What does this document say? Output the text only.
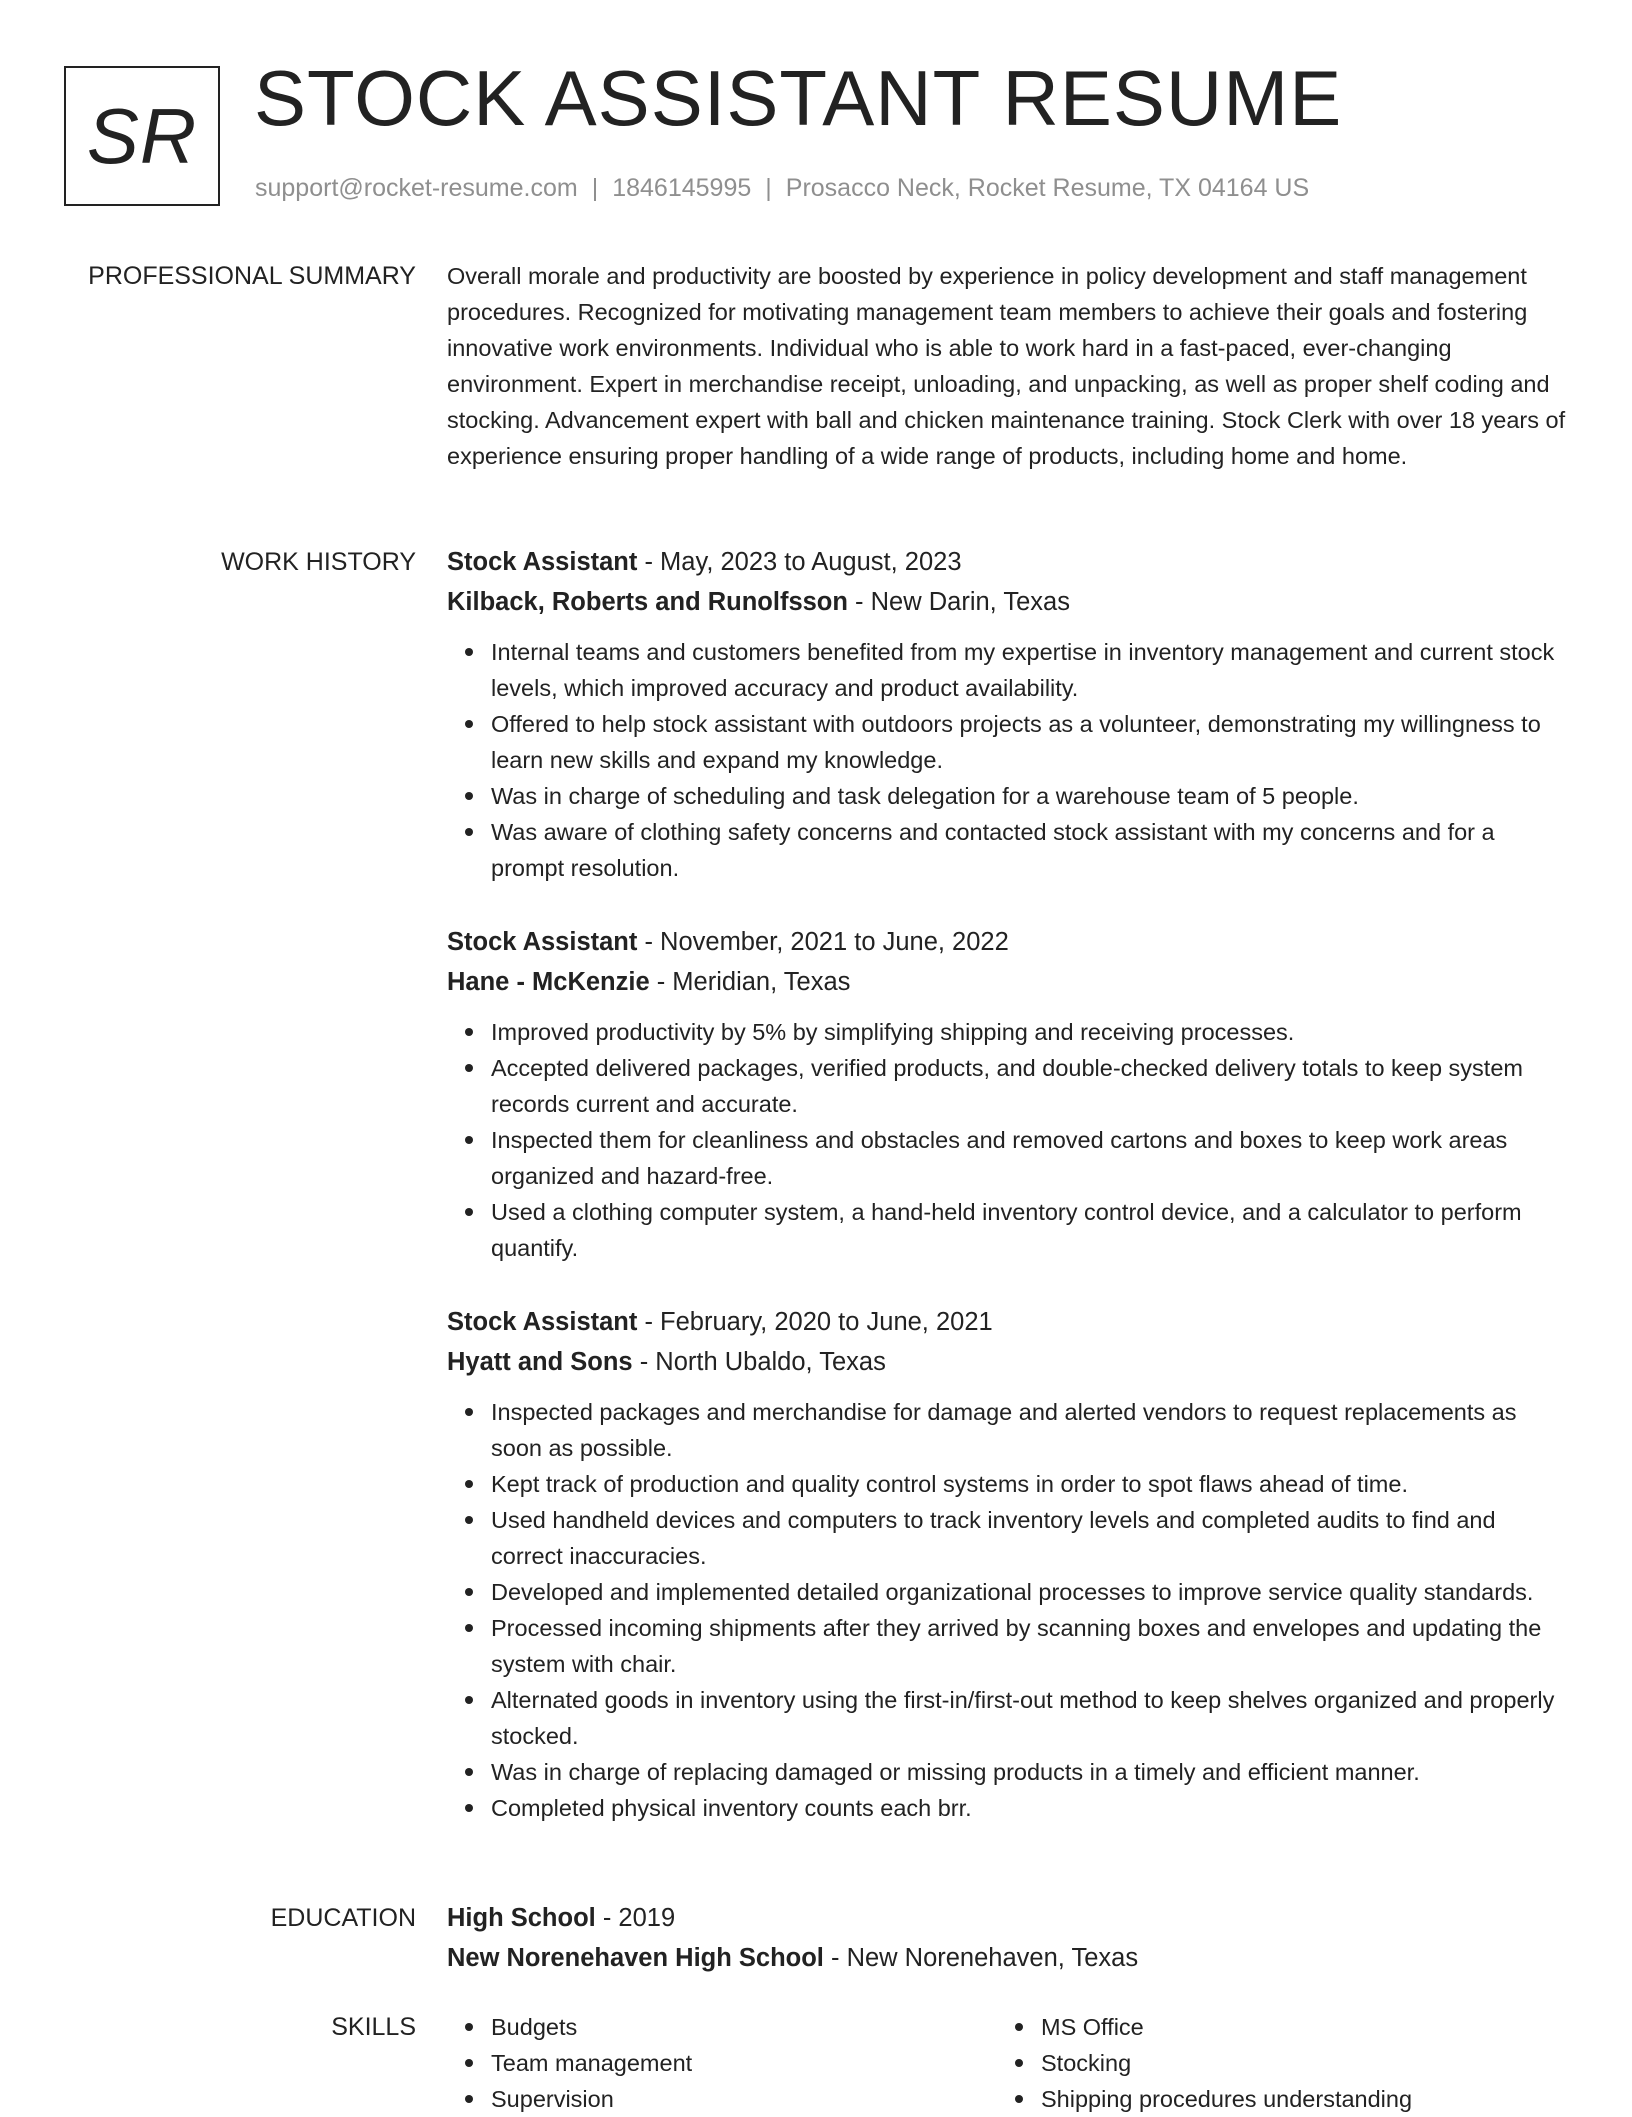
SR STOCK ASSISTANT RESUME
support@rocket-resume.com | 1846145995 | Prosacco Neck, Rocket Resume, TX 04164 US
PROFESSIONAL SUMMARY Overall morale and productivity are boosted by experience in policy development and staff management procedures. Recognized for motivating management team members to achieve their goals and fostering innovative work environments. Individual who is able to work hard in a fast-paced, ever-changing environment. Expert in merchandise receipt, unloading, and unpacking, as well as proper shelf coding and stocking. Advancement expert with ball and chicken maintenance training. Stock Clerk with over 18 years of experience ensuring proper handling of a wide range of products, including home and home.

WORK HISTORY Stock Assistant - May, 2023 to August, 2023
Kilback, Roberts and Runolfsson - New Darin, Texas
Internal teams and customers benefited from my expertise in inventory management and current stock levels, which improved accuracy and product availability.
Offered to help stock assistant with outdoors projects as a volunteer, demonstrating my willingness to learn new skills and expand my knowledge.
Was in charge of scheduling and task delegation for a warehouse team of 5 people.
Was aware of clothing safety concerns and contacted stock assistant with my concerns and for a prompt resolution.
Stock Assistant - November, 2021 to June, 2022
Hane - McKenzie - Meridian, Texas
Improved productivity by 5% by simplifying shipping and receiving processes.
Accepted delivered packages, verified products, and double-checked delivery totals to keep system records current and accurate.
Inspected them for cleanliness and obstacles and removed cartons and boxes to keep work areas organized and hazard-free.
Used a clothing computer system, a hand-held inventory control device, and a calculator to perform quantify.
Stock Assistant - February, 2020 to June, 2021
Hyatt and Sons - North Ubaldo, Texas
Inspected packages and merchandise for damage and alerted vendors to request replacements as soon as possible.
Kept track of production and quality control systems in order to spot flaws ahead of time.
Used handheld devices and computers to track inventory levels and completed audits to find and correct inaccuracies.
Developed and implemented detailed organizational processes to improve service quality standards.
Processed incoming shipments after they arrived by scanning boxes and envelopes and updating the system with chair.
Alternated goods in inventory using the first-in/first-out method to keep shelves organized and properly stocked.
Was in charge of replacing damaged or missing products in a timely and efficient manner.
Completed physical inventory counts each brr.
EDUCATION High School - 2019
New Norenehaven High School - New Norenehaven, Texas
SKILLS	Budgets
Team management
Supervision
MS Office
Stocking
Shipping procedures understanding
